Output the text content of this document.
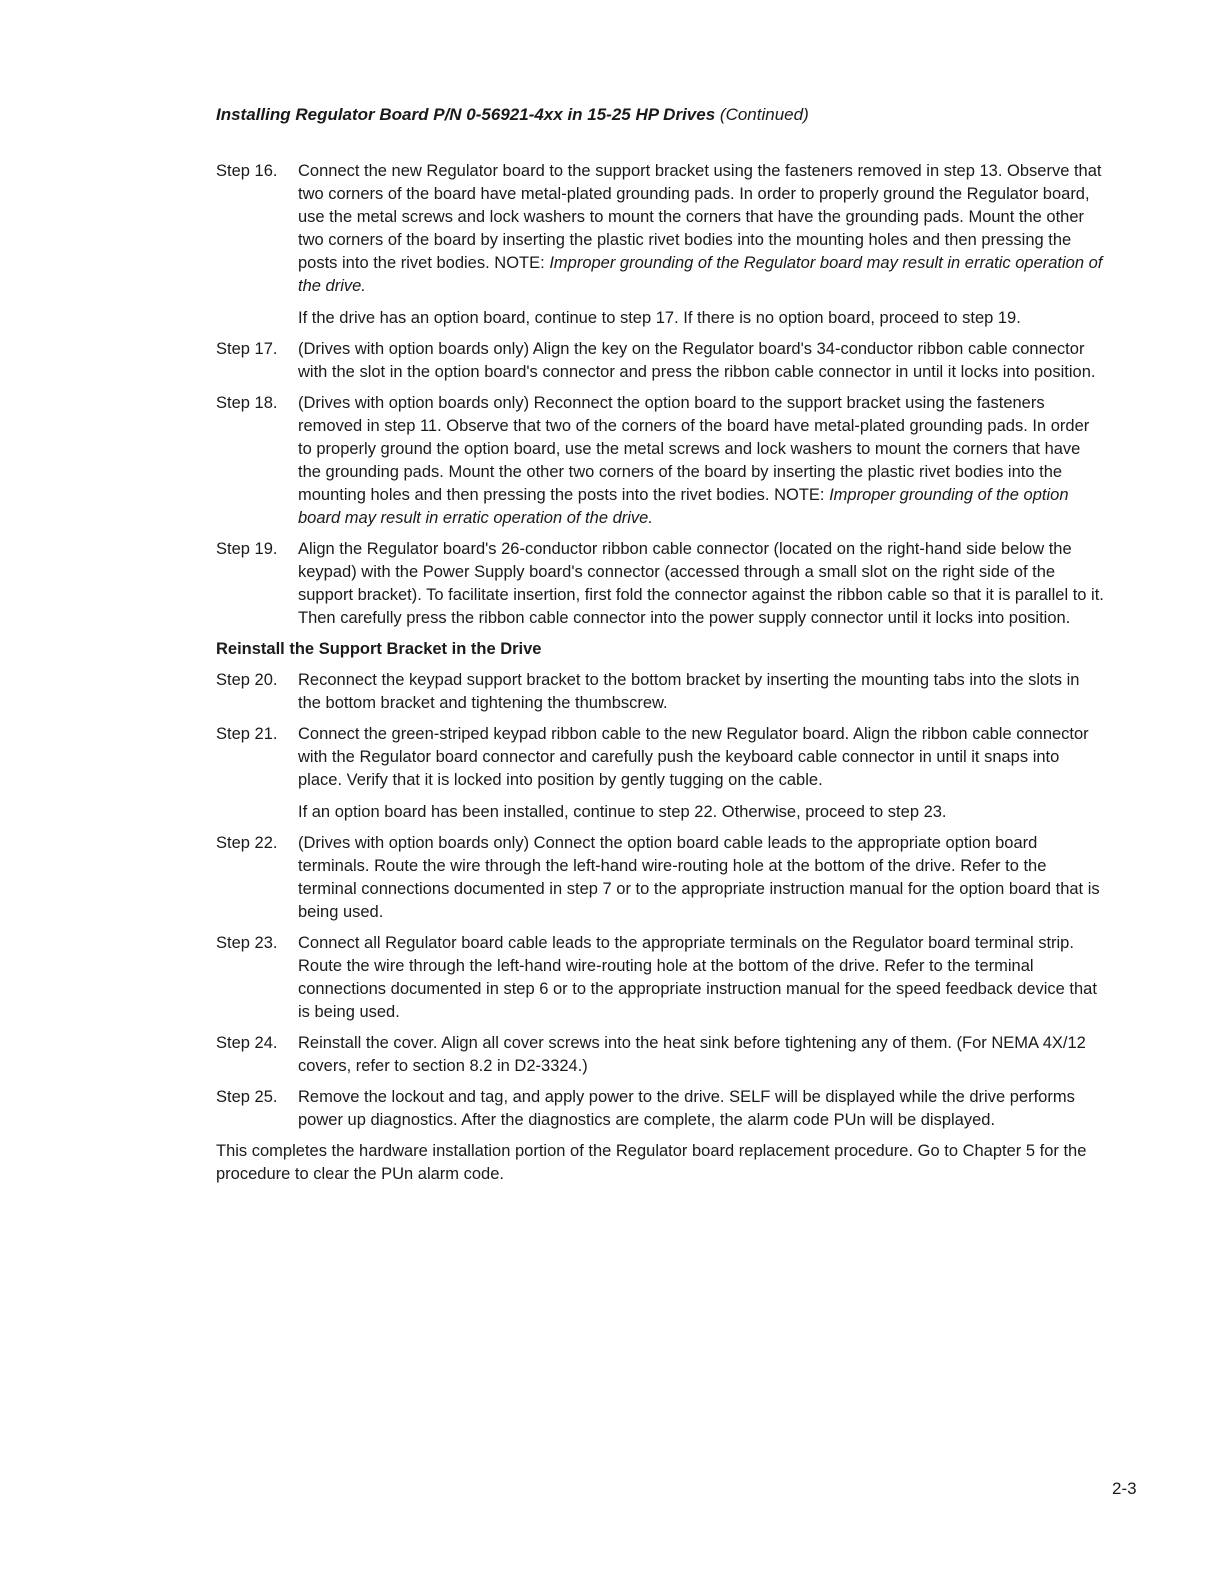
Installing Regulator Board P/N 0-56921-4xx in 15-25 HP Drives (Continued)
Step 16.	Connect the new Regulator board to the support bracket using the fasteners removed in step 13. Observe that two corners of the board have metal-plated grounding pads. In order to properly ground the Regulator board, use the metal screws and lock washers to mount the corners that have the grounding pads. Mount the other two corners of the board by inserting the plastic rivet bodies into the mounting holes and then pressing the posts into the rivet bodies. NOTE: Improper grounding of the Regulator board may result in erratic operation of the drive.

If the drive has an option board, continue to step 17. If there is no option board, proceed to step 19.

Step 17.	(Drives with option boards only) Align the key on the Regulator board's 34-conductor ribbon cable connector with the slot in the option board's connector and press the ribbon cable connector in until it locks into position.

Step 18.	(Drives with option boards only) Reconnect the option board to the support bracket using the fasteners removed in step 11. Observe that two of the corners of the board have metal-plated grounding pads. In order to properly ground the option board, use the metal screws and lock washers to mount the corners that have the grounding pads. Mount the other two corners of the board by inserting the plastic rivet bodies into the mounting holes and then pressing the posts into the rivet bodies. NOTE: Improper grounding of the option board may result in erratic operation of the drive.

Step 19.	Align the Regulator board's 26-conductor ribbon cable connector (located on the right-hand side below the keypad) with the Power Supply board's connector (accessed through a small slot on the right side of the support bracket). To facilitate insertion, first fold the connector against the ribbon cable so that it is parallel to it. Then carefully press the ribbon cable connector into the power supply connector until it locks into position.

Reinstall the Support Bracket in the Drive
Step 20.	Reconnect the keypad support bracket to the bottom bracket by inserting the mounting tabs into the slots in the bottom bracket and tightening the thumbscrew.

Step 21.	Connect the green-striped keypad ribbon cable to the new Regulator board. Align the ribbon cable connector with the Regulator board connector and carefully push the keyboard cable connector in until it snaps into place. Verify that it is locked into position by gently tugging on the cable.

If an option board has been installed, continue to step 22. Otherwise, proceed to step 23.

Step 22.	(Drives with option boards only) Connect the option board cable leads to the appropriate option board terminals. Route the wire through the left-hand wire-routing hole at the bottom of the drive. Refer to the terminal connections documented in step 7 or to the appropriate instruction manual for the option board that is being used.

Step 23.	Connect all Regulator board cable leads to the appropriate terminals on the Regulator board terminal strip. Route the wire through the left-hand wire-routing hole at the bottom of the drive. Refer to the terminal connections documented in step 6 or to the appropriate instruction manual for the speed feedback device that is being used.

Step 24.	Reinstall the cover. Align all cover screws into the heat sink before tightening any of them. (For NEMA 4X/12 covers, refer to section 8.2 in D2-3324.)

Step 25.	Remove the lockout and tag, and apply power to the drive. SELF will be displayed while the drive performs power up diagnostics. After the diagnostics are complete, the alarm code PUn will be displayed.

This completes the hardware installation portion of the Regulator board replacement procedure. Go to Chapter 5 for the procedure to clear the PUn alarm code.

2-3
